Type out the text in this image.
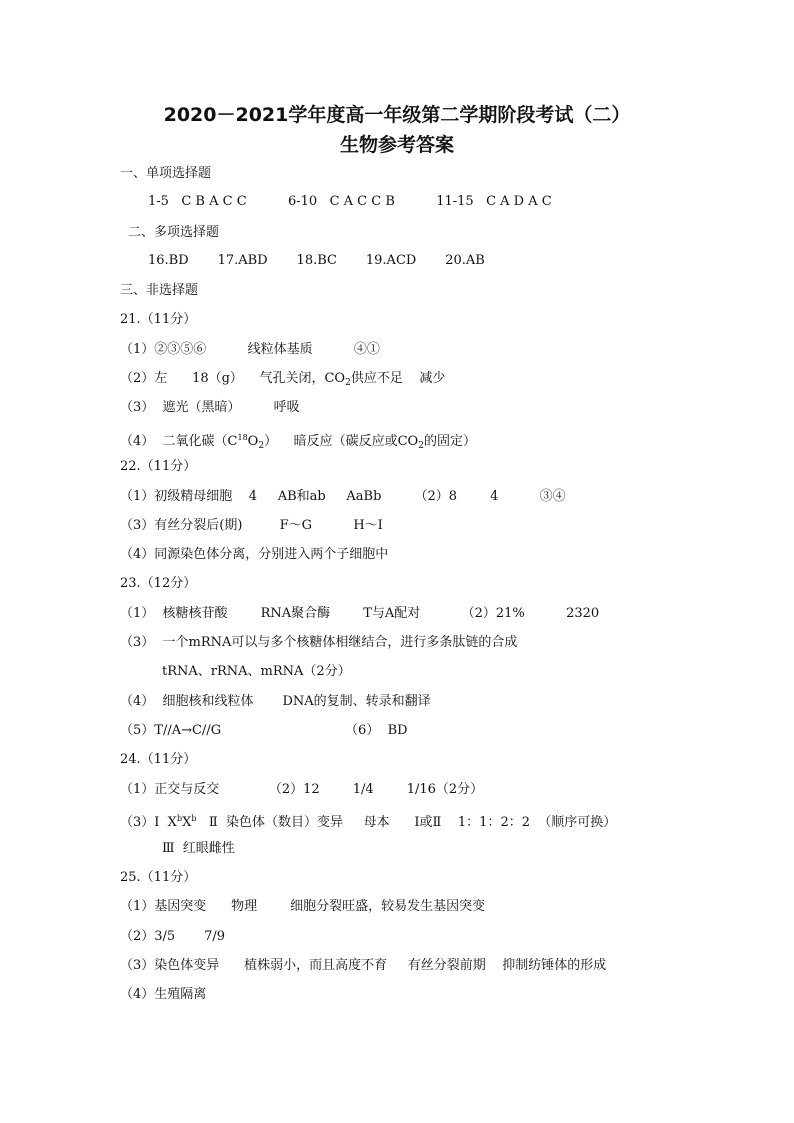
2020－2021学年度高一年级第二学期阶段考试（二）
生物参考答案
一、单项选择题
1-5   C B A C C          6-10   C A C C B          11-15   C A D A C
二、多项选择题
16.BD       17.ABD       18.BC       19.ACD       20.AB
三、非选择题
21.（11分）
（1）②③⑤⑥          线粒体基质          ④①
（2）左      18（g）    气孔关闭，$CO_2$供应不足    减少
（3）  遮光（黑暗）        呼吸
（4）  二氧化碳$(C^{18}O_2)$    暗反应（碳反应或$CO_2$的固定）
22.（11分）
（1）初级精母细胞    4     AB和ab     AaBb        （2）8        4          ③④
（3）有丝分裂后(期)         F～G          H～I
（4）同源染色体分离，分别进入两个子细胞中
23.（12分）
（1）  核糖核苷酸        RNA聚合酶        T与A配对          （2）21%          2320
（3）  一个mRNA可以与多个核糖体相继结合，进行多条肽链的合成
tRNA、rRNA、mRNA（2分）
（4）  细胞核和线粒体       DNA的复制、转录和翻译
（5）T//A→C//G                              （6）  BD
24.（11分）
（1）正交与反交            （2）12        1/4        1/16（2分）
（3）Ⅰ  $X^bX^b$   Ⅱ  染色体（数目）变异     母本      Ⅰ或Ⅱ    1：1：2：2  （顺序可换）
Ⅲ  红眼雌性
25.（11分）
（1）基因突变      物理        细胞分裂旺盛，较易发生基因突变
（2）3/5       7/9
（3）染色体变异      植株弱小，而且高度不育     有丝分裂前期    抑制纺锤体的形成
（4）生殖隔离
